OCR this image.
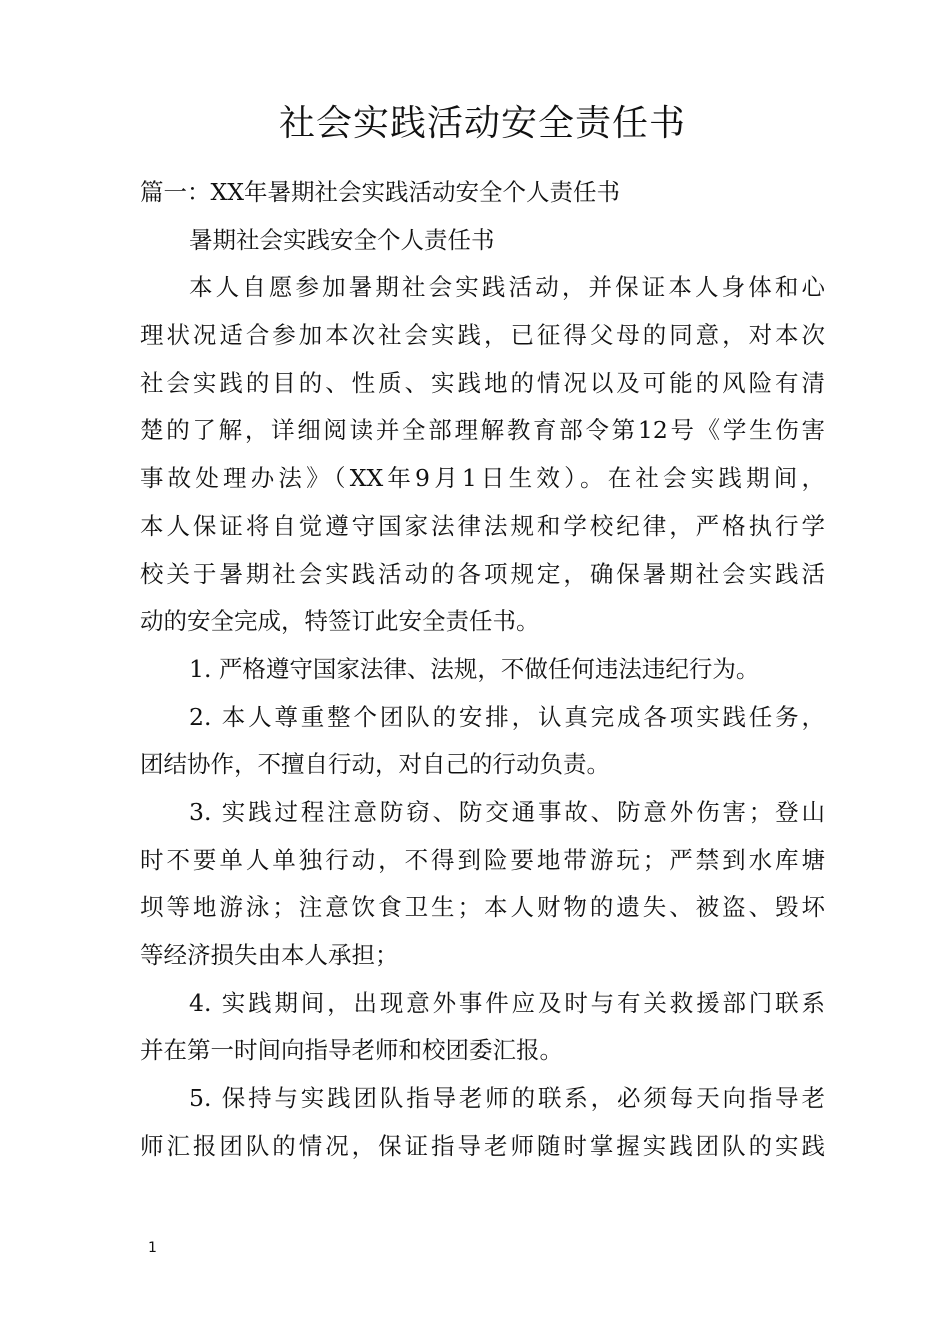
社会实践活动安全责任书

篇一：XX年暑期社会实践活动安全个人责任书

暑期社会实践安全个人责任书

本人自愿参加暑期社会实践活动，并保证本人身体和心

理状况适合参加本次社会实践，已征得父母的同意，对本次

社会实践的目的、性质、实践地的情况以及可能的风险有清

楚的了解，详细阅读并全部理解教育部令第12号《学生伤害

事故处理办法》（XX年9月1日生效）。在社会实践期间，

本人保证将自觉遵守国家法律法规和学校纪律，严格执行学

校关于暑期社会实践活动的各项规定，确保暑期社会实践活

动的安全完成，特签订此安全责任书。

1. 严格遵守国家法律、法规，不做任何违法违纪行为。

2. 本人尊重整个团队的安排，认真完成各项实践任务，

团结协作，不擅自行动，对自己的行动负责。

3. 实践过程注意防窃、防交通事故、防意外伤害；登山

时不要单人单独行动，不得到险要地带游玩；严禁到水库塘

坝等地游泳；注意饮食卫生；本人财物的遗失、被盗、毁坏

等经济损失由本人承担；

4. 实践期间，出现意外事件应及时与有关救援部门联系

并在第一时间向指导老师和校团委汇报。

5. 保持与实践团队指导老师的联系，必须每天向指导老

师汇报团队的情况，保证指导老师随时掌握实践团队的实践

1
